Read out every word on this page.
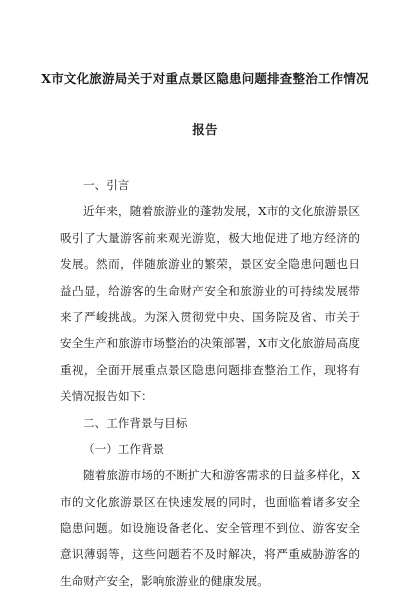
X市文化旅游局关于对重点景区隐患问题排查整治工作情况
报告
一、引言
近年来，随着旅游业的蓬勃发展，X市的文化旅游景区
吸引了大量游客前来观光游览，极大地促进了地方经济的
发展。然而，伴随旅游业的繁荣，景区安全隐患问题也日
益凸显，给游客的生命财产安全和旅游业的可持续发展带
来了严峻挑战。为深入贯彻党中央、国务院及省、市关于
安全生产和旅游市场整治的决策部署，X市文化旅游局高度
重视，全面开展重点景区隐患问题排查整治工作，现将有
关情况报告如下：
二、工作背景与目标
（一）工作背景
随着旅游市场的不断扩大和游客需求的日益多样化，X
市的文化旅游景区在快速发展的同时，也面临着诸多安全
隐患问题。如设施设备老化、安全管理不到位、游客安全
意识薄弱等，这些问题若不及时解决，将严重威胁游客的
生命财产安全，影响旅游业的健康发展。
